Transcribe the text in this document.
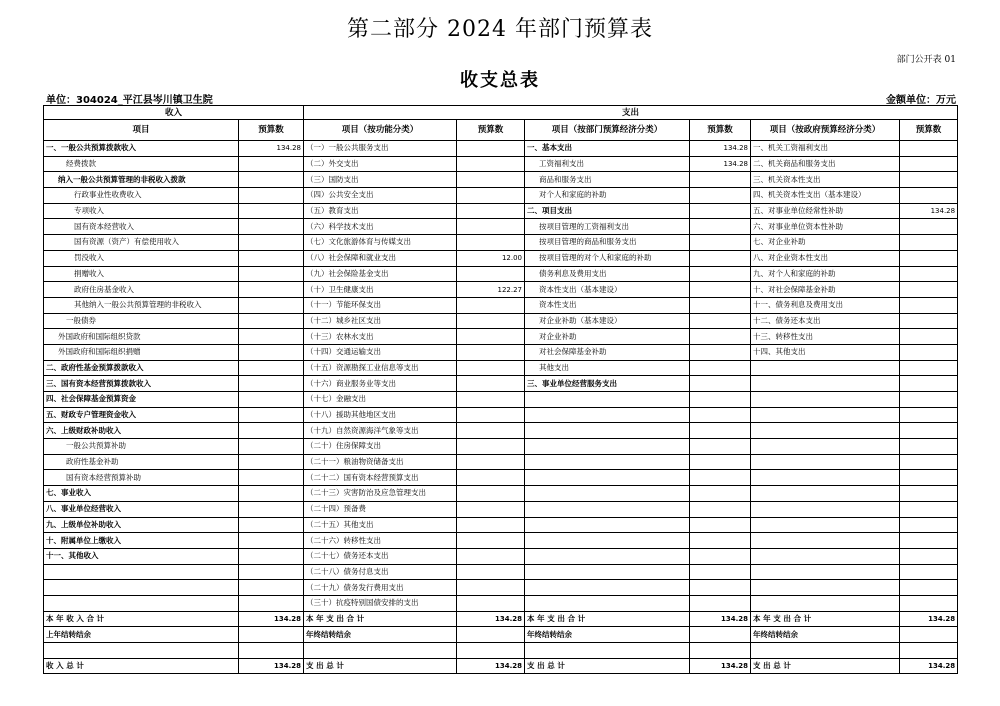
第二部分 2024 年部门预算表
部门公开表 01
收支总表
单位：304024_平江县岑川镇卫生院	金额单位：万元
收入		支出					
项目	预算数	项目（按功能分类）	预算数	项目（按部门预算经济分类）	预算数	项目（按政府预算经济分类）	预算数
一、一般公共预算拨款收入	134.28	（一）一般公共服务支出		一、基本支出	134.28	一、机关工资福利支出	
经费拨款		（二）外交支出		工资福利支出	134.28	二、机关商品和服务支出	
纳入一般公共预算管理的非税收入拨款		（三）国防支出		商品和服务支出		三、机关资本性支出	
行政事业性收费收入		（四）公共安全支出		对个人和家庭的补助		四、机关资本性支出（基本建设）	
专项收入		（五）教育支出		二、项目支出		五、对事业单位经常性补助	134.28
国有资本经营收入		（六）科学技术支出		按项目管理的工资福利支出		六、对事业单位资本性补助	
国有资源（资产）有偿使用收入		（七）文化旅游体育与传媒支出		按项目管理的商品和服务支出		七、对企业补助	
罚没收入		（八）社会保障和就业支出	12.00	按项目管理的对个人和家庭的补助		八、对企业资本性支出	
捐赠收入		（九）社会保险基金支出		债务利息及费用支出		九、对个人和家庭的补助	
政府住房基金收入		（十）卫生健康支出	122.27	资本性支出（基本建设）		十、对社会保障基金补助	
其他纳入一般公共预算管理的非税收入		（十一）节能环保支出		资本性支出		十一、债务利息及费用支出	
一般债券		（十二）城乡社区支出		对企业补助（基本建设）		十二、债务还本支出	
外国政府和国际组织贷款		（十三）农林水支出		对企业补助		十三、转移性支出	
外国政府和国际组织捐赠		（十四）交通运输支出		对社会保障基金补助		十四、其他支出	
二、政府性基金预算拨款收入		（十五）资源勘探工业信息等支出		其他支出			
三、国有资本经营预算拨款收入		（十六）商业服务业等支出		三、事业单位经营服务支出			
四、社会保障基金预算资金		（十七）金融支出					
五、财政专户管理资金收入		（十八）援助其他地区支出					
六、上级财政补助收入		（十九）自然资源海洋气象等支出					
一般公共预算补助		（二十）住房保障支出					
政府性基金补助		（二十一）粮油物资储备支出					
国有资本经营预算补助		（二十二）国有资本经营预算支出					
七、事业收入		（二十三）灾害防治及应急管理支出					
八、事业单位经营收入		（二十四）预备费					
九、上级单位补助收入		（二十五）其他支出					
十、附属单位上缴收入		（二十六）转移性支出					
十一、其他收入		（二十七）债务还本支出					
		（二十八）债务付息支出					
		（二十九）债务发行费用支出					
		（三十）抗疫特别国债安排的支出					
本 年 收 入 合 计	134.28	本 年 支 出 合 计	134.28	本 年 支 出 合 计	134.28	本 年 支 出 合 计	134.28
上年结转结余		年终结转结余		年终结转结余		年终结转结余	

收 入 总 计	134.28	支 出 总 计	134.28	支 出 总 计	134.28	支 出 总 计	134.28
